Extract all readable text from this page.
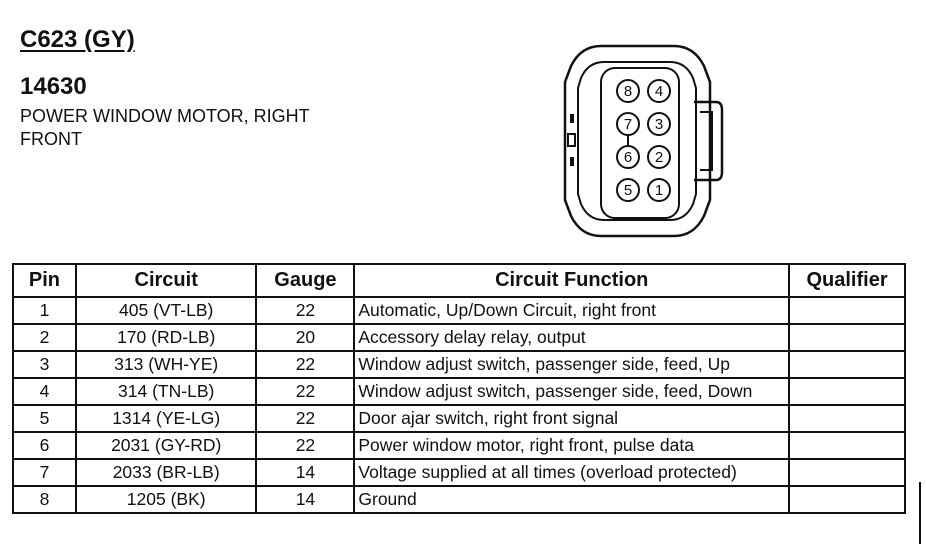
C623 (GY)
14630
POWER WINDOW MOTOR, RIGHT FRONT
8 4
7 3
6 2
5 1
Pin	Circuit	Gauge	Circuit Function	Qualifier
1	405 (VT-LB)	22	Automatic, Up/Down Circuit, right front	
2	170 (RD-LB)	20	Accessory delay relay, output	
3	313 (WH-YE)	22	Window adjust switch, passenger side, feed, Up	
4	314 (TN-LB)	22	Window adjust switch, passenger side, feed, Down	
5	1314 (YE-LG)	22	Door ajar switch, right front signal	
6	2031 (GY-RD)	22	Power window motor, right front, pulse data	
7	2033 (BR-LB)	14	Voltage supplied at all times (overload protected)	
8	1205 (BK)	14	Ground	
